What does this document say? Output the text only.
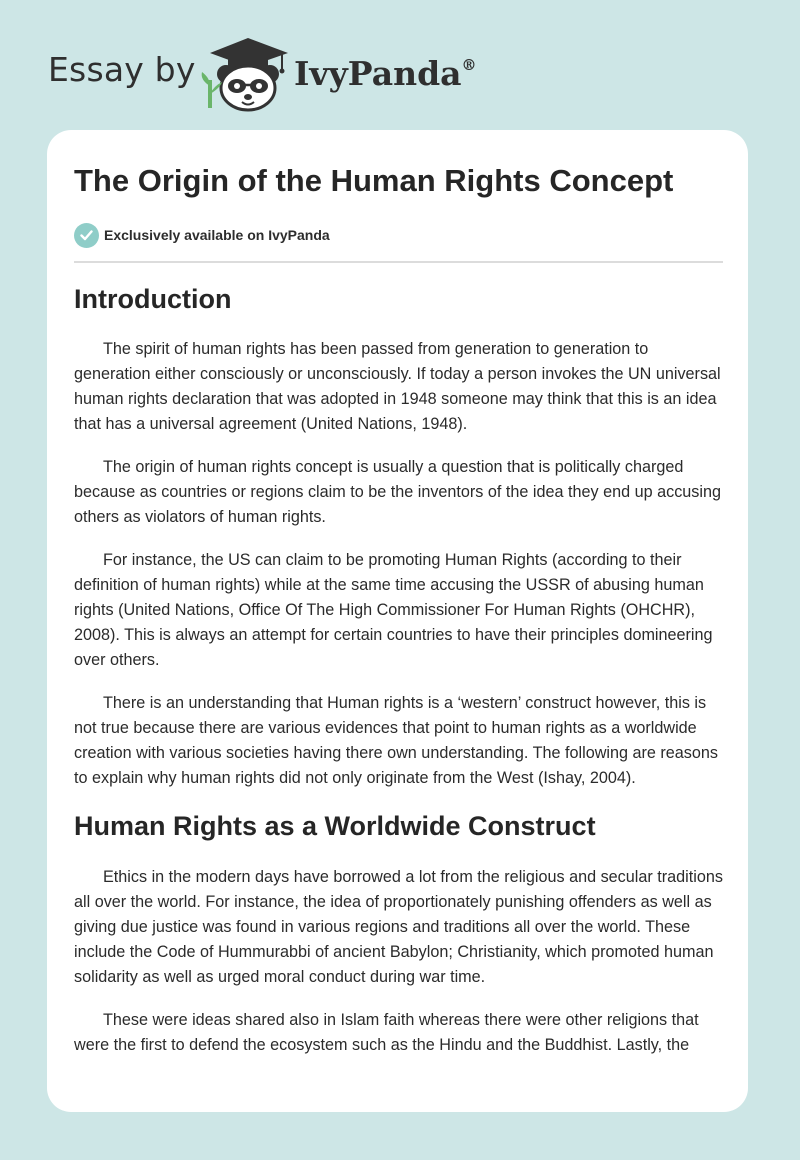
Essay by	IvyPanda®
The Origin of the Human Rights Concept
Exclusively available on IvyPanda
Introduction

The spirit of human rights has been passed from generation to generation to generation either consciously or unconsciously. If today a person invokes the UN universal human rights declaration that was adopted in 1948 someone may think that this is an idea that has a universal agreement (United Nations, 1948).

The origin of human rights concept is usually a question that is politically charged because as countries or regions claim to be the inventors of the idea they end up accusing others as violators of human rights.

For instance, the US can claim to be promoting Human Rights (according to their definition of human rights) while at the same time accusing the USSR of abusing human rights (United Nations, Office Of The High Commissioner For Human Rights (OHCHR), 2008). This is always an attempt for certain countries to have their principles domineering over others.

There is an understanding that Human rights is a ‘western’ construct however, this is not true because there are various evidences that point to human rights as a worldwide creation with various societies having there own understanding. The following are reasons to explain why human rights did not only originate from the West (Ishay, 2004).

Human Rights as a Worldwide Construct

Ethics in the modern days have borrowed a lot from the religious and secular traditions all over the world. For instance, the idea of proportionately punishing offenders as well as giving due justice was found in various regions and traditions all over the world. These include the Code of Hummurabbi of ancient Babylon; Christianity, which promoted human solidarity as well as urged moral conduct during war time.

These were ideas shared also in Islam faith whereas there were other religions that were the first to defend the ecosystem such as the Hindu and the Buddhist. Lastly, the
